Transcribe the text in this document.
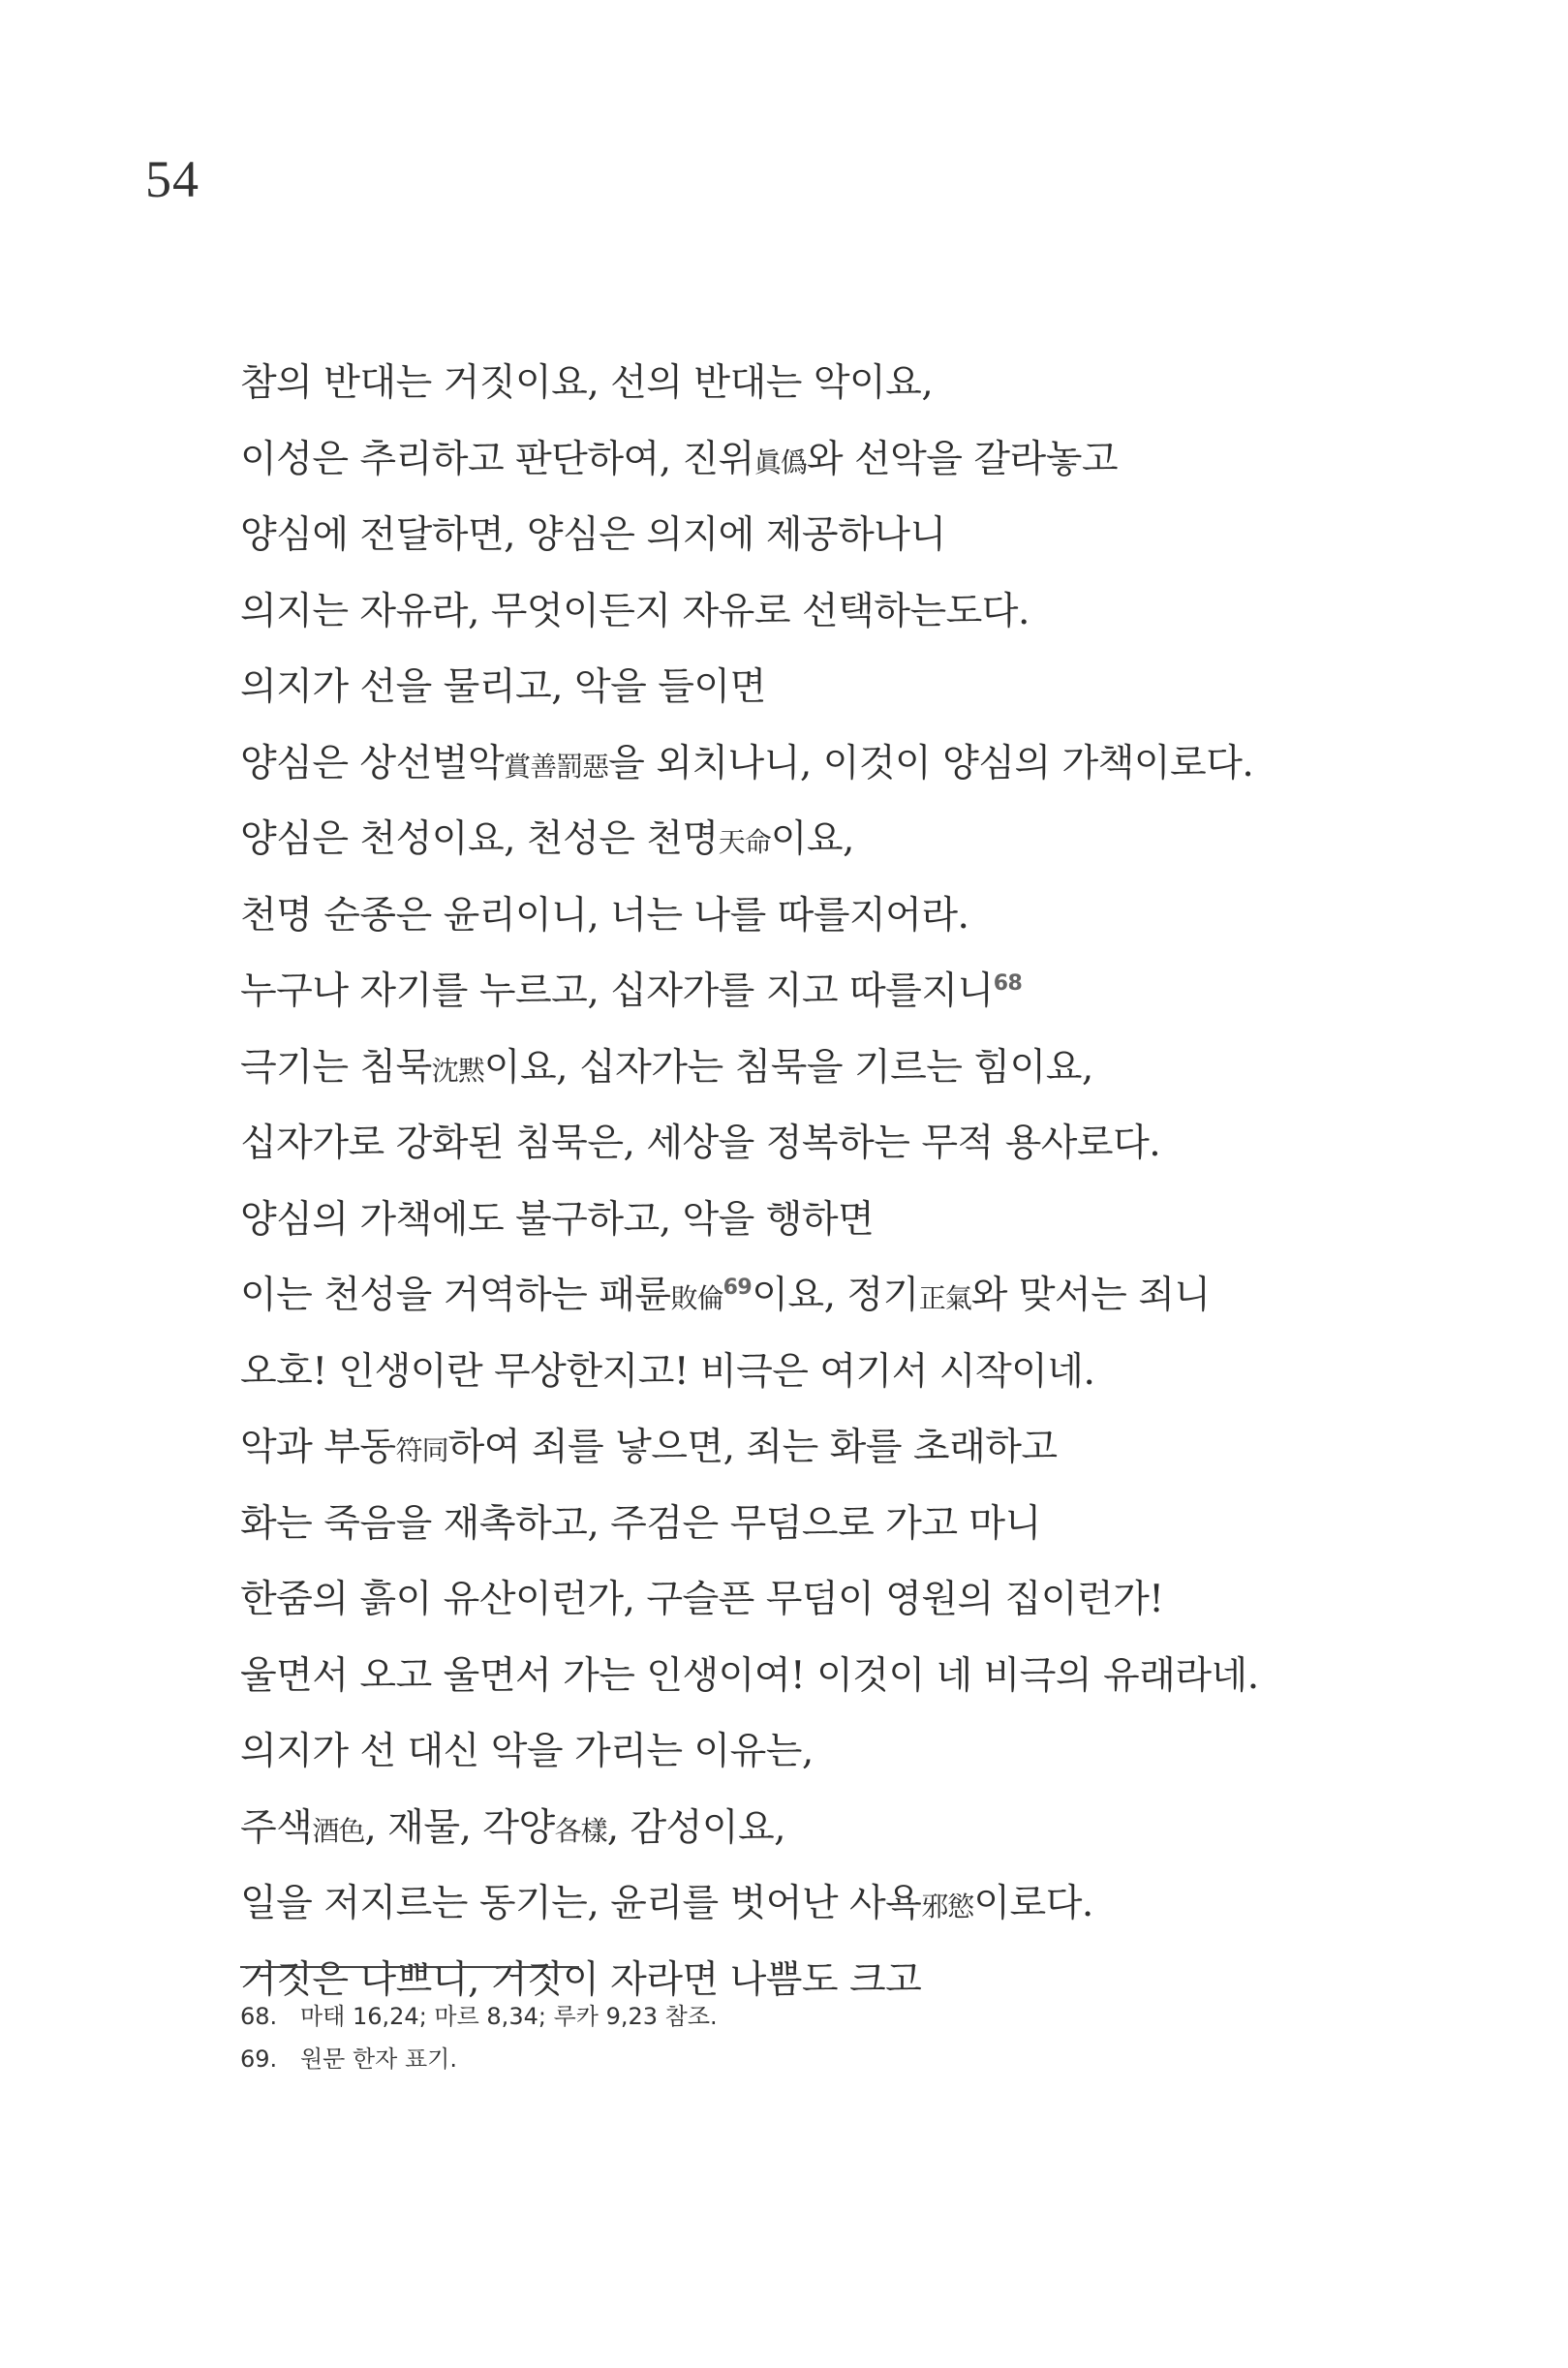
54
참의 반대는 거짓이요, 선의 반대는 악이요,
이성은 추리하고 판단하여, 진위眞僞와 선악을 갈라놓고
양심에 전달하면, 양심은 의지에 제공하나니
의지는 자유라, 무엇이든지 자유로 선택하는도다.
의지가 선을 물리고, 악을 들이면
양심은 상선벌악賞善罰惡을 외치나니, 이것이 양심의 가책이로다.
양심은 천성이요, 천성은 천명天命이요,
천명 순종은 윤리이니, 너는 나를 따를지어라.
누구나 자기를 누르고, 십자가를 지고 따를지니$^{68}$
극기는 침묵沈黙이요, 십자가는 침묵을 기르는 힘이요,
십자가로 강화된 침묵은, 세상을 정복하는 무적 용사로다.
양심의 가책에도 불구하고, 악을 행하면
이는 천성을 거역하는 패륜敗倫$^{69}$이요, 정기正氣와 맞서는 죄니
오호! 인생이란 무상한지고! 비극은 여기서 시작이네.
악과 부동符同하여 죄를 낳으면, 죄는 화를 초래하고
화는 죽음을 재촉하고, 주검은 무덤으로 가고 마니
한줌의 흙이 유산이런가, 구슬픈 무덤이 영원의 집이런가!
울면서 오고 울면서 가는 인생이여! 이것이 네 비극의 유래라네.
의지가 선 대신 악을 가리는 이유는,
주색酒色, 재물, 각양各樣, 감성이요,
일을 저지르는 동기는, 윤리를 벗어난 사욕邪慾이로다.
거짓은 나쁘니, 거짓이 자라면 나쁨도 크고
68. 마태 16,24; 마르 8,34; 루카 9,23 참조.
69. 원문 한자 표기.
